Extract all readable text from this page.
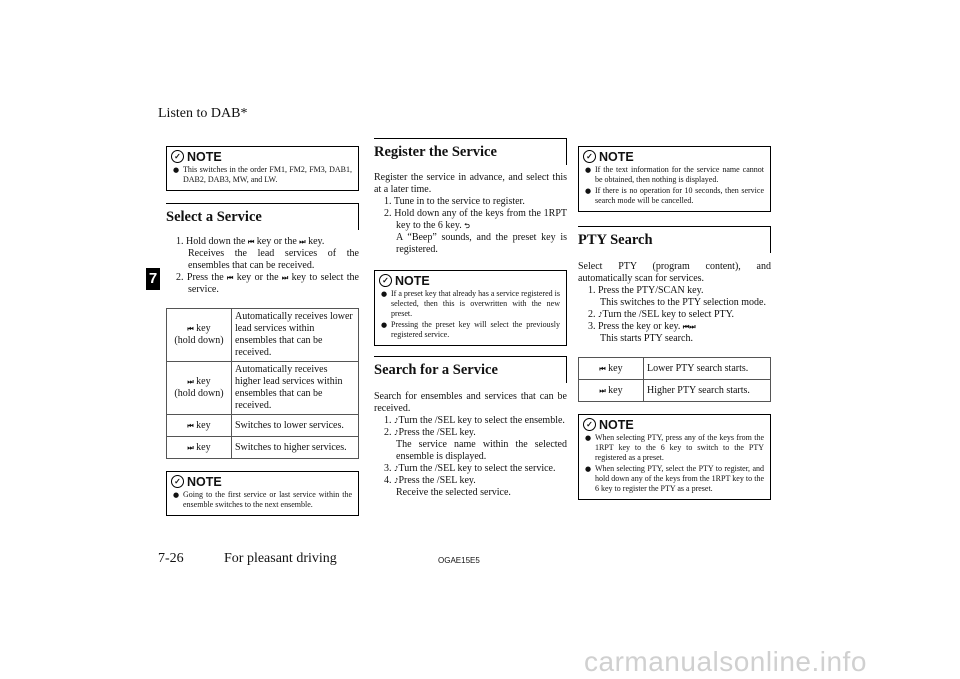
Listen to DAB*
7
✓ NOTE
● This switches in the order FM1, FM2, FM3, DAB1, DAB2, DAB3, MW, and LW.
Select a Service
1. Hold down the ⏮ key or the ⏭ key.
Receives the lead services of the ensembles that can be received.
2. Press the ⏮ key or the ⏭ key to select the service.
⏮ key
(hold down)	Automatically receives lower lead services within ensembles that can be received.
⏭ key
(hold down)	Automatically receives higher lead services within ensembles that can be received.
⏮ key	Switches to lower services.
⏭ key	Switches to higher services.
✓ NOTE
● Going to the first service or last service within the ensemble switches to the next ensemble.
Register the Service

Register the service in advance, and select this at a later time.

1. Tune in to the service to register.
2. Hold down any of the keys from the 1RPT key to the 6 key. ⮌
A “Beep” sounds, and the preset key is registered.
✓ NOTE
● If a preset key that already has a service registered is selected, then this is overwritten with the new preset.
● Pressing the preset key will select the previously registered service.
Search for a Service

Search for ensembles and services that can be received.

1. ♪Turn the /SEL key to select the ensemble.
2. ♪Press the /SEL key.
The service name within the selected ensemble is displayed.
3. ♪Turn the /SEL key to select the service.
4. ♪Press the /SEL key.
Receive the selected service.
✓ NOTE
● If the text information for the service name cannot be obtained, then nothing is displayed.
● If there is no operation for 10 seconds, then service search mode will be cancelled.
PTY Search

Select PTY (program content), and automatically scan for services.

1. Press the PTY/SCAN key.
This switches to the PTY selection mode.
2. ♪Turn the /SEL key to select PTY.
3. Press the key or key. ⏮⏭
This starts PTY search.
⏮ key	Lower PTY search starts.
⏭ key	Higher PTY search starts.
✓ NOTE
● When selecting PTY, press any of the keys from the 1RPT key to the 6 key to switch to the PTY registered as a preset.
● When selecting PTY, select the PTY to register, and hold down any of the keys from the 1RPT key to the 6 key to register the PTY as a preset.
7-26	For pleasant driving	OGAE15E5
carmanualsonline.info
